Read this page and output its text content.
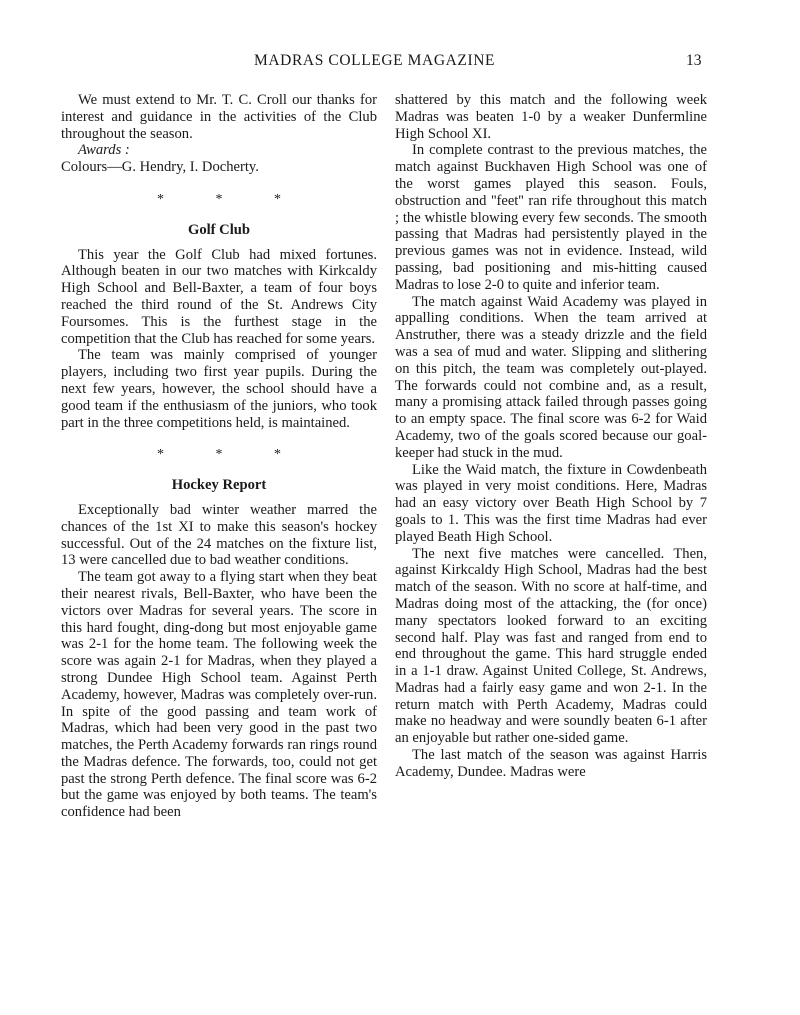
MADRAS COLLEGE MAGAZINE	13

We must extend to Mr. T. C. Croll our thanks for interest and guidance in the activities of the Club throughout the season.

Awards :

Colours—G. Hendry, I. Docherty.

* * *
Golf Club

This year the Golf Club had mixed fortunes. Although beaten in our two matches with Kirkcaldy High School and Bell-Baxter, a team of four boys reached the third round of the St. Andrews City Foursomes. This is the furthest stage in the competition that the Club has reached for some years.

The team was mainly comprised of younger players, including two first year pupils. During the next few years, however, the school should have a good team if the enthusiasm of the juniors, who took part in the three competitions held, is maintained.

* * *
Hockey Report

Exceptionally bad winter weather marred the chances of the 1st XI to make this season's hockey successful. Out of the 24 matches on the fixture list, 13 were cancelled due to bad weather conditions.

The team got away to a flying start when they beat their nearest rivals, Bell-Baxter, who have been the victors over Madras for several years. The score in this hard fought, ding-dong but most enjoyable game was 2-1 for the home team. The following week the score was again 2-1 for Madras, when they played a strong Dundee High School team. Against Perth Academy, however, Madras was completely over-run. In spite of the good passing and team work of Madras, which had been very good in the past two matches, the Perth Academy forwards ran rings round the Madras defence. The forwards, too, could not get past the strong Perth defence. The final score was 6-2 but the game was enjoyed by both teams. The team's confidence had been

shattered by this match and the following week Madras was beaten 1-0 by a weaker Dunfermline High School XI.

In complete contrast to the previous matches, the match against Buckhaven High School was one of the worst games played this season. Fouls, obstruction and ''feet'' ran rife throughout this match ; the whistle blowing every few seconds. The smooth passing that Madras had persistently played in the previous games was not in evidence. Instead, wild passing, bad positioning and mis-hitting caused Madras to lose 2-0 to quite and inferior team.

The match against Waid Academy was played in appalling conditions. When the team arrived at Anstruther, there was a steady drizzle and the field was a sea of mud and water. Slipping and slithering on this pitch, the team was completely out-played. The forwards could not combine and, as a result, many a promising attack failed through passes going to an empty space. The final score was 6-2 for Waid Academy, two of the goals scored because our goal-keeper had stuck in the mud.

Like the Waid match, the fixture in Cowdenbeath was played in very moist conditions. Here, Madras had an easy victory over Beath High School by 7 goals to 1. This was the first time Madras had ever played Beath High School.

The next five matches were cancelled. Then, against Kirkcaldy High School, Madras had the best match of the season. With no score at half-time, and Madras doing most of the attacking, the (for once) many spectators looked forward to an exciting second half. Play was fast and ranged from end to end throughout the game. This hard struggle ended in a 1-1 draw. Against United College, St. Andrews, Madras had a fairly easy game and won 2-1. In the return match with Perth Academy, Madras could make no headway and were soundly beaten 6-1 after an enjoyable but rather one-sided game.

The last match of the season was against Harris Academy, Dundee. Madras were
